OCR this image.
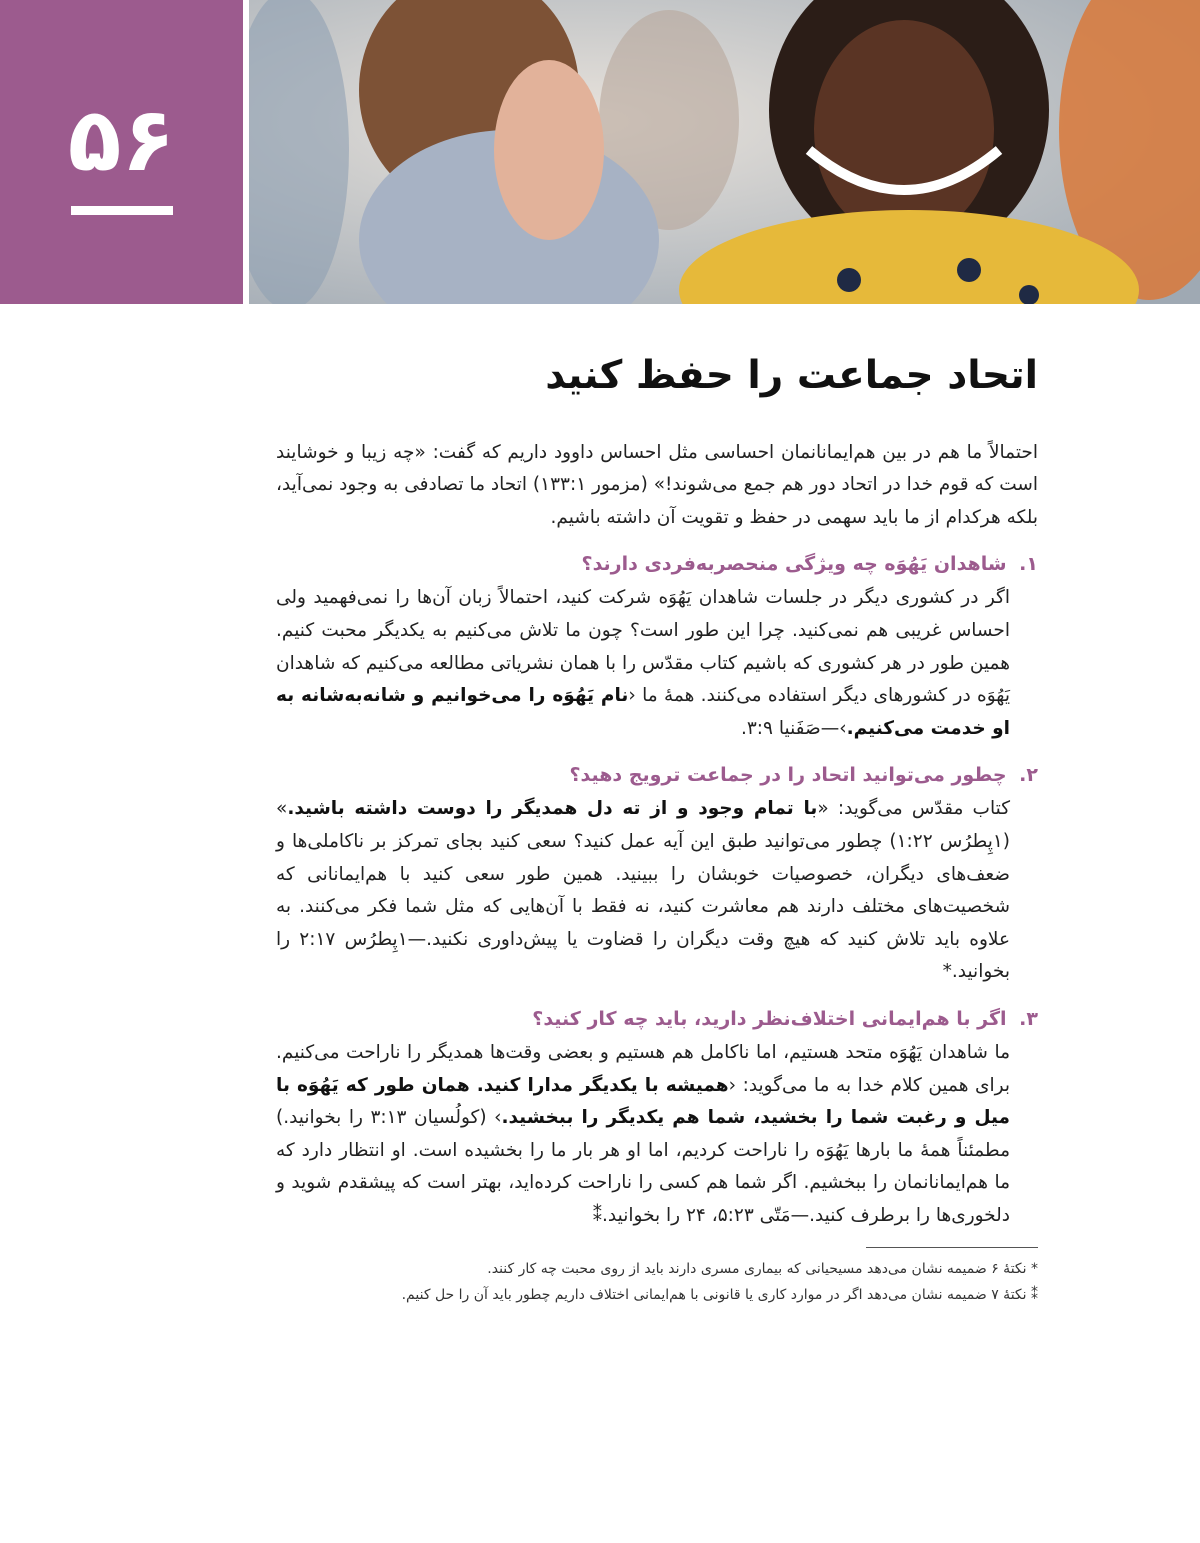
۵۶
اتحاد جماعت را حفظ کنید

احتمالاً ما هم در بین هم‌ایمانانمان احساسی مثل احساس داوود داریم که گفت: «چه زیبا و خوشایند است که قوم خدا در اتحاد دور هم جمع می‌شوند!» (مزمور ۱۳۳:۱) اتحاد ما تصادفی به وجود نمی‌آید، بلکه هرکدام از ما باید سهمی در حفظ و تقویت آن داشته باشیم.

۱. شاهدان یَهُوَه چه ویژگی منحصربه‌فردی دارند؟

اگر در کشوری دیگر در جلسات شاهدان یَهُوَه شرکت کنید، احتمالاً زبان آن‌ها را نمی‌فهمید ولی احساس غریبی هم نمی‌کنید. چرا این طور است؟ چون ما تلاش می‌کنیم به یکدیگر محبت کنیم. همین طور در هر کشوری که باشیم کتاب مقدّس را با همان نشریاتی مطالعه می‌کنیم که شاهدان یَهُوَه در کشورهای دیگر استفاده می‌کنند. همهٔ ما ‹نام یَهُوَه را می‌خوانیم و شانه‌به‌شانه به او خدمت می‌کنیم.›—صَفَنیا ۳:۹.

۲. چطور می‌توانید اتحاد را در جماعت ترویج دهید؟

کتاب مقدّس می‌گوید: «با تمام وجود و از ته دل همدیگر را دوست داشته باشید.» (۱پِطرُس ۱:۲۲) چطور می‌توانید طبق این آیه عمل کنید؟ سعی کنید بجای تمرکز بر ناکاملی‌ها و ضعف‌های دیگران، خصوصیات خوبشان را ببینید. همین طور سعی کنید با هم‌ایمانانی که شخصیت‌های مختلف دارند هم معاشرت کنید، نه فقط با آن‌هایی که مثل شما فکر می‌کنند. به علاوه باید تلاش کنید که هیچ وقت دیگران را قضاوت یا پیش‌داوری نکنید.—۱پِطرُس ۲:۱۷ را بخوانید.*

۳. اگر با هم‌ایمانی اختلاف‌نظر دارید، باید چه کار کنید؟

ما شاهدان یَهُوَه متحد هستیم، اما ناکامل هم هستیم و بعضی وقت‌ها همدیگر را ناراحت می‌کنیم. برای همین کلام خدا به ما می‌گوید: ‹همیشه با یکدیگر مدارا کنید. همان طور که یَهُوَه با میل و رغبت شما را بخشید، شما هم یکدیگر را ببخشید.› (کولُسیان ۳:۱۳ را بخوانید.) مطمئناً همهٔ ما بارها یَهُوَه را ناراحت کردیم، اما او هر بار ما را بخشیده است. او انتظار دارد که ما هم‌ایمانانمان را ببخشیم. اگر شما هم کسی را ناراحت کرده‌اید، بهتر است که پیشقدم شوید و دلخوری‌ها را برطرف کنید.—مَتّی ۵:۲۳، ۲۴ را بخوانید.⁑

* نکتهٔ ۶ ضمیمه نشان می‌دهد مسیحیانی که بیماری مسری دارند باید از روی محبت چه کار کنند.

⁑ نکتهٔ ۷ ضمیمه نشان می‌دهد اگر در موارد کاری یا قانونی با هم‌ایمانی اختلاف داریم چطور باید آن را حل کنیم.
